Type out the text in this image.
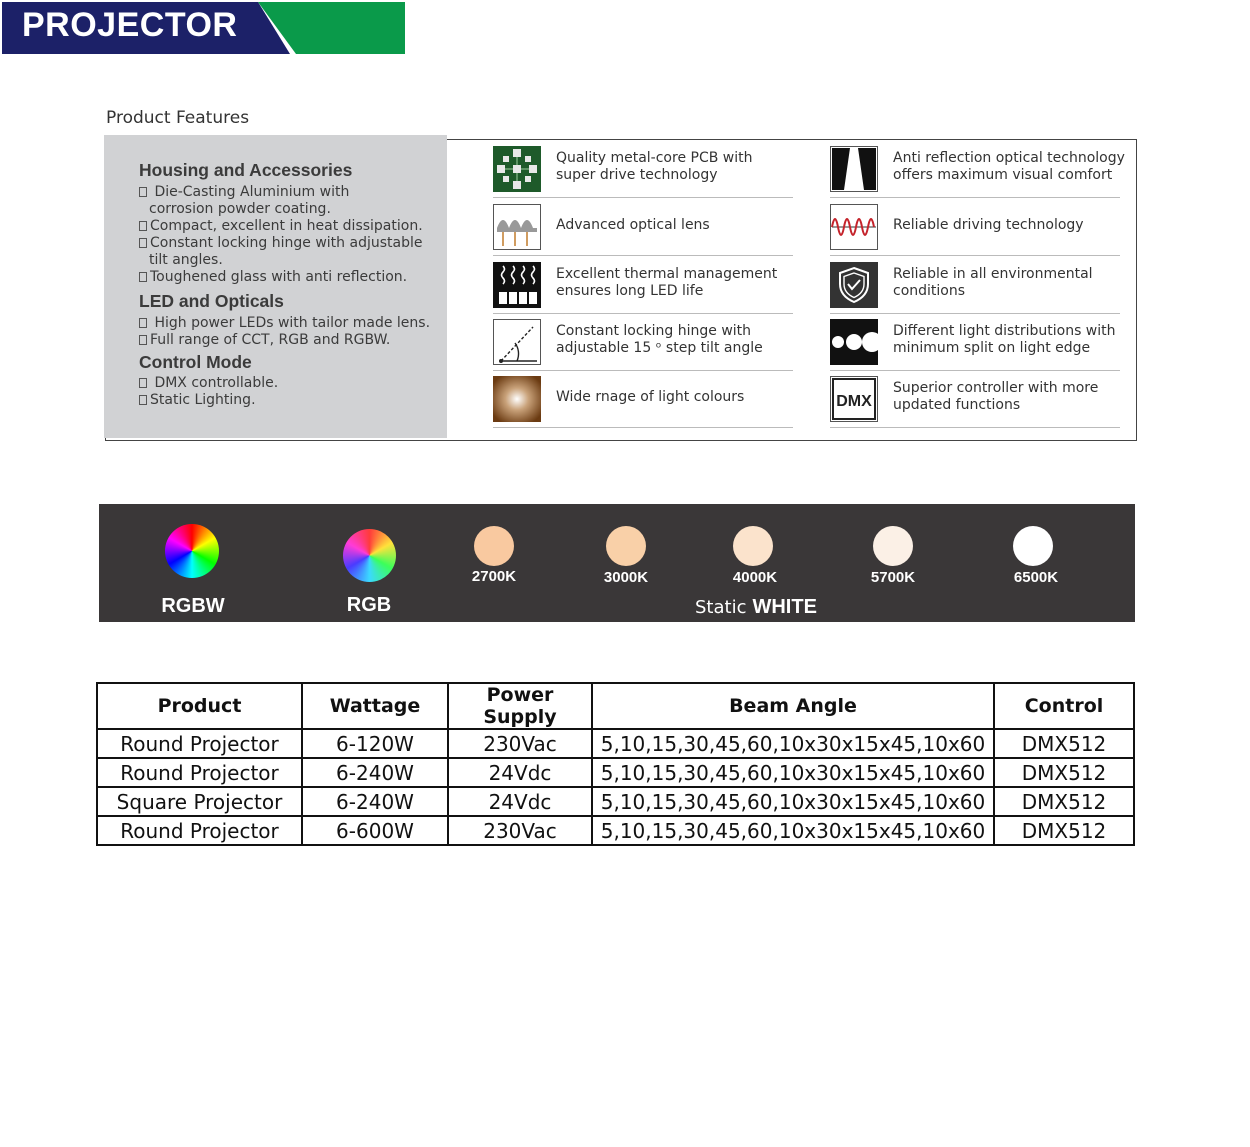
PROJECTOR
Product Features
Housing and Accessories
Die-Casting Aluminium with
corrosion powder coating.
Compact, excellent in heat dissipation.
Constant locking hinge with adjustable
tilt angles.
Toughened glass with anti reflection.
LED and Opticals
High power LEDs with tailor made lens.
Full range of CCT, RGB and RGBW.
Control Mode
DMX controllable.
Static Lighting.
Quality metal-core PCB with
super drive technology
Advanced optical lens
Excellent thermal management
ensures long LED life
Constant locking hinge with
adjustable 15 ᵒ step tilt angle
Wide rnage of light colours
Anti reflection optical technology
offers maximum visual comfort
Reliable driving technology
Reliable in all environmental
conditions
Different light distributions with
minimum split on light edge
DMX
Superior controller with more
updated functions
RGBW	RGB
2700K	3000K	4000K	5700K	6500K
Static WHITE
Product	Wattage	Power Supply	Beam Angle	Control
Round Projector	6-120W	230Vac	5,10,15,30,45,60,10x30x15x45,10x60	DMX512
Round Projector	6-240W	24Vdc	5,10,15,30,45,60,10x30x15x45,10x60	DMX512
Square Projector	6-240W	24Vdc	5,10,15,30,45,60,10x30x15x45,10x60	DMX512
Round Projector	6-600W	230Vac	5,10,15,30,45,60,10x30x15x45,10x60	DMX512
